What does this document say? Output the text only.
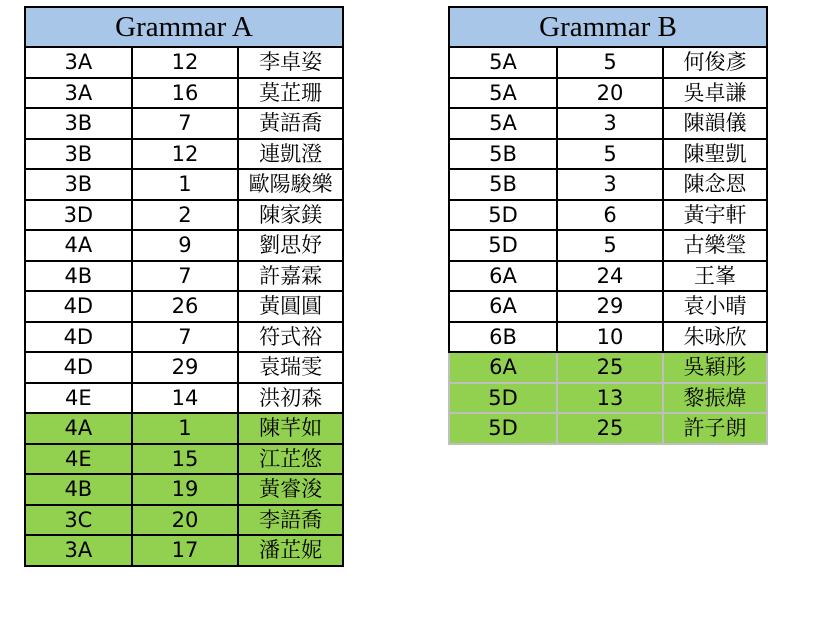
Grammar A		
3A	12	李卓姿
3A	16	莫芷珊
3B	7	黃語喬
3B	12	連凱澄
3B	1	歐陽駿樂
3D	2	陳家鎂
4A	9	劉思妤
4B	7	許嘉霖
4D	26	黃圓圓
4D	7	符式裕
4D	29	袁瑞雯
4E	14	洪初森
4A	1	陳芊如
4E	15	江芷悠
4B	19	黃睿浚
3C	20	李語喬
3A	17	潘芷妮
Grammar B		
5A	5	何俊彥
5A	20	吳卓謙
5A	3	陳韻儀
5B	5	陳聖凱
5B	3	陳念恩
5D	6	黃宇軒
5D	5	古樂瑩
6A	24	王峯
6A	29	袁小晴
6B	10	朱咏欣
6A	25	吳穎彤
5D	13	黎振煒
5D	25	許子朗
